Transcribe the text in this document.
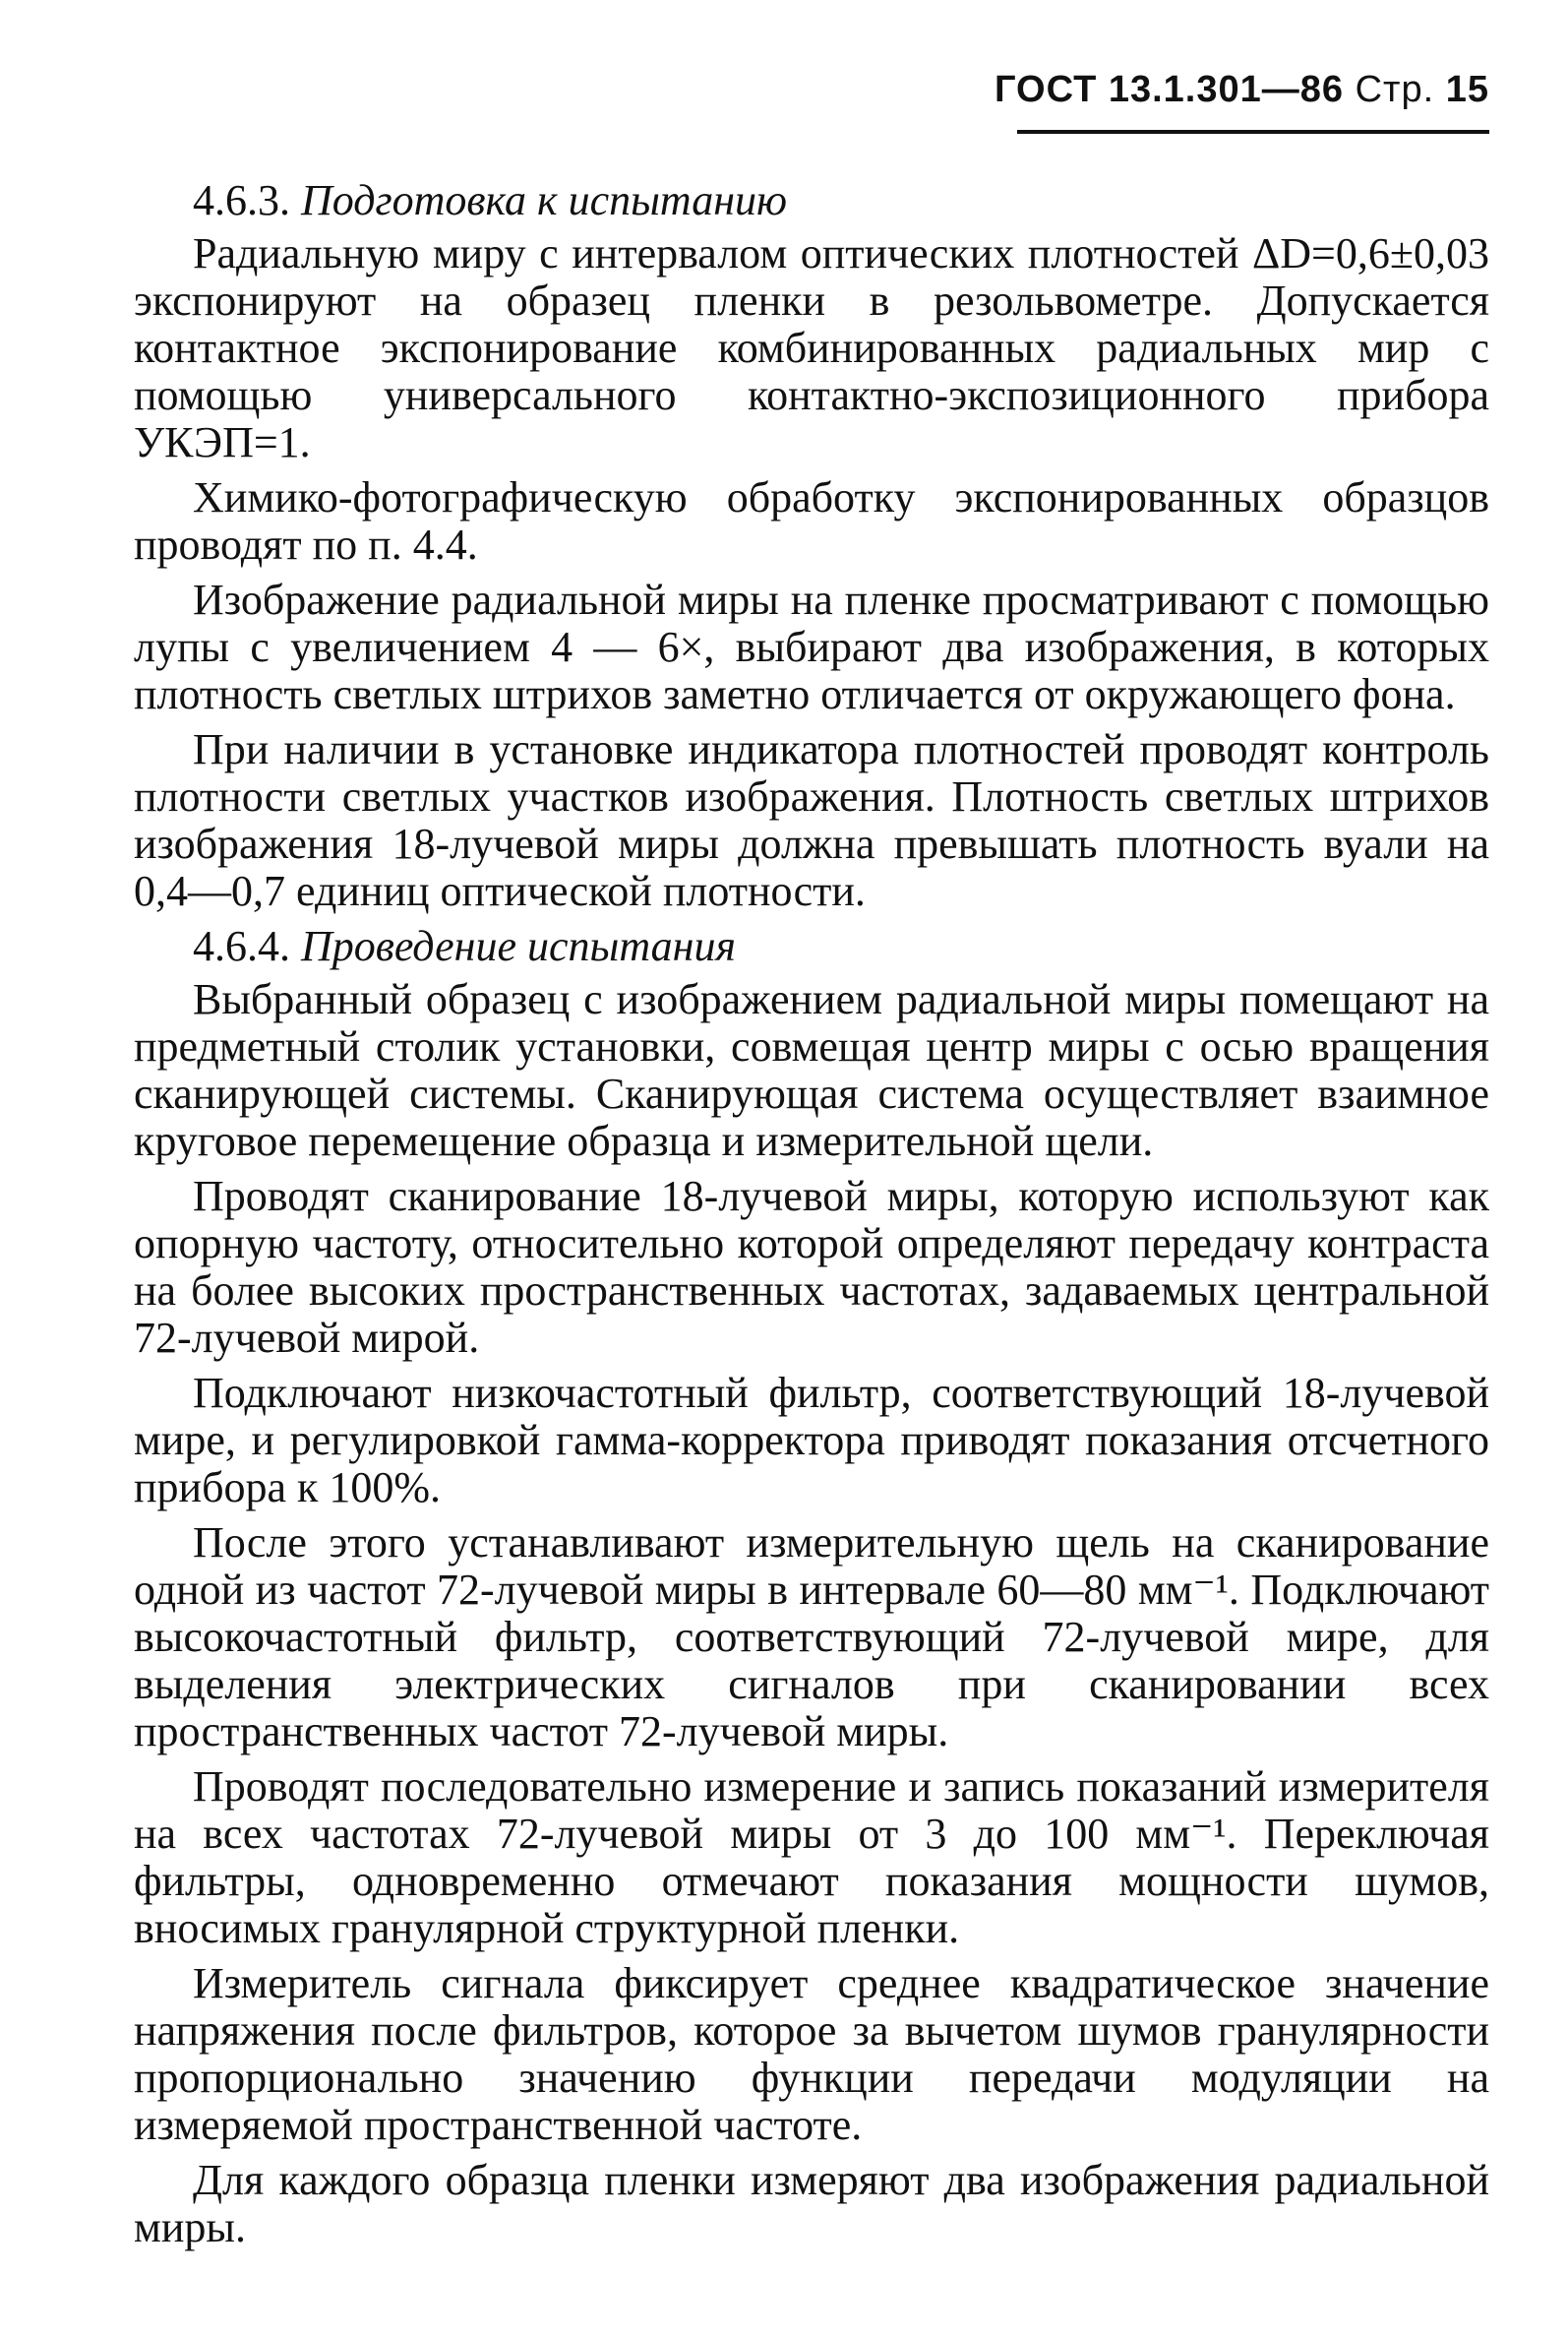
ГОСТ 13.1.301—86 Стр. 15
4.6.3. Подготовка к испытанию

Радиальную миру с интервалом оптических плотностей ΔD=0,6±0,03 экспонируют на образец пленки в резольвометре. Допускается контактное экспонирование комбинированных радиальных мир с помощью универсального контактно-экспозиционного прибора УКЭП=1.

Химико-фотографическую обработку экспонированных образцов проводят по п. 4.4.

Изображение радиальной миры на пленке просматривают с помощью лупы с увеличением 4 — 6×, выбирают два изображения, в которых плотность светлых штрихов заметно отличается от окружающего фона.

При наличии в установке индикатора плотностей проводят контроль плотности светлых участков изображения. Плотность светлых штрихов изображения 18-лучевой миры должна превышать плотность вуали на 0,4—0,7 единиц оптической плотности.

4.6.4. Проведение испытания

Выбранный образец с изображением радиальной миры помещают на предметный столик установки, совмещая центр миры с осью вращения сканирующей системы. Сканирующая система осуществляет взаимное круговое перемещение образца и измерительной щели.

Проводят сканирование 18-лучевой миры, которую используют как опорную частоту, относительно которой определяют передачу контраста на более высоких пространственных частотах, задаваемых центральной 72-лучевой мирой.

Подключают низкочастотный фильтр, соответствующий 18-лучевой мире, и регулировкой гамма-корректора приводят показания отсчетного прибора к 100%.

После этого устанавливают измерительную щель на сканирование одной из частот 72-лучевой миры в интервале 60—80 мм⁻¹. Подключают высокочастотный фильтр, соответствующий 72-лучевой мире, для выделения электрических сигналов при сканировании всех пространственных частот 72-лучевой миры.

Проводят последовательно измерение и запись показаний измерителя на всех частотах 72-лучевой миры от 3 до 100 мм⁻¹. Переключая фильтры, одновременно отмечают показания мощности шумов, вносимых гранулярной структурной пленки.

Измеритель сигнала фиксирует среднее квадратическое значение напряжения после фильтров, которое за вычетом шумов гранулярности пропорционально значению функции передачи модуляции на измеряемой пространственной частоте.

Для каждого образца пленки измеряют два изображения радиальной миры.
